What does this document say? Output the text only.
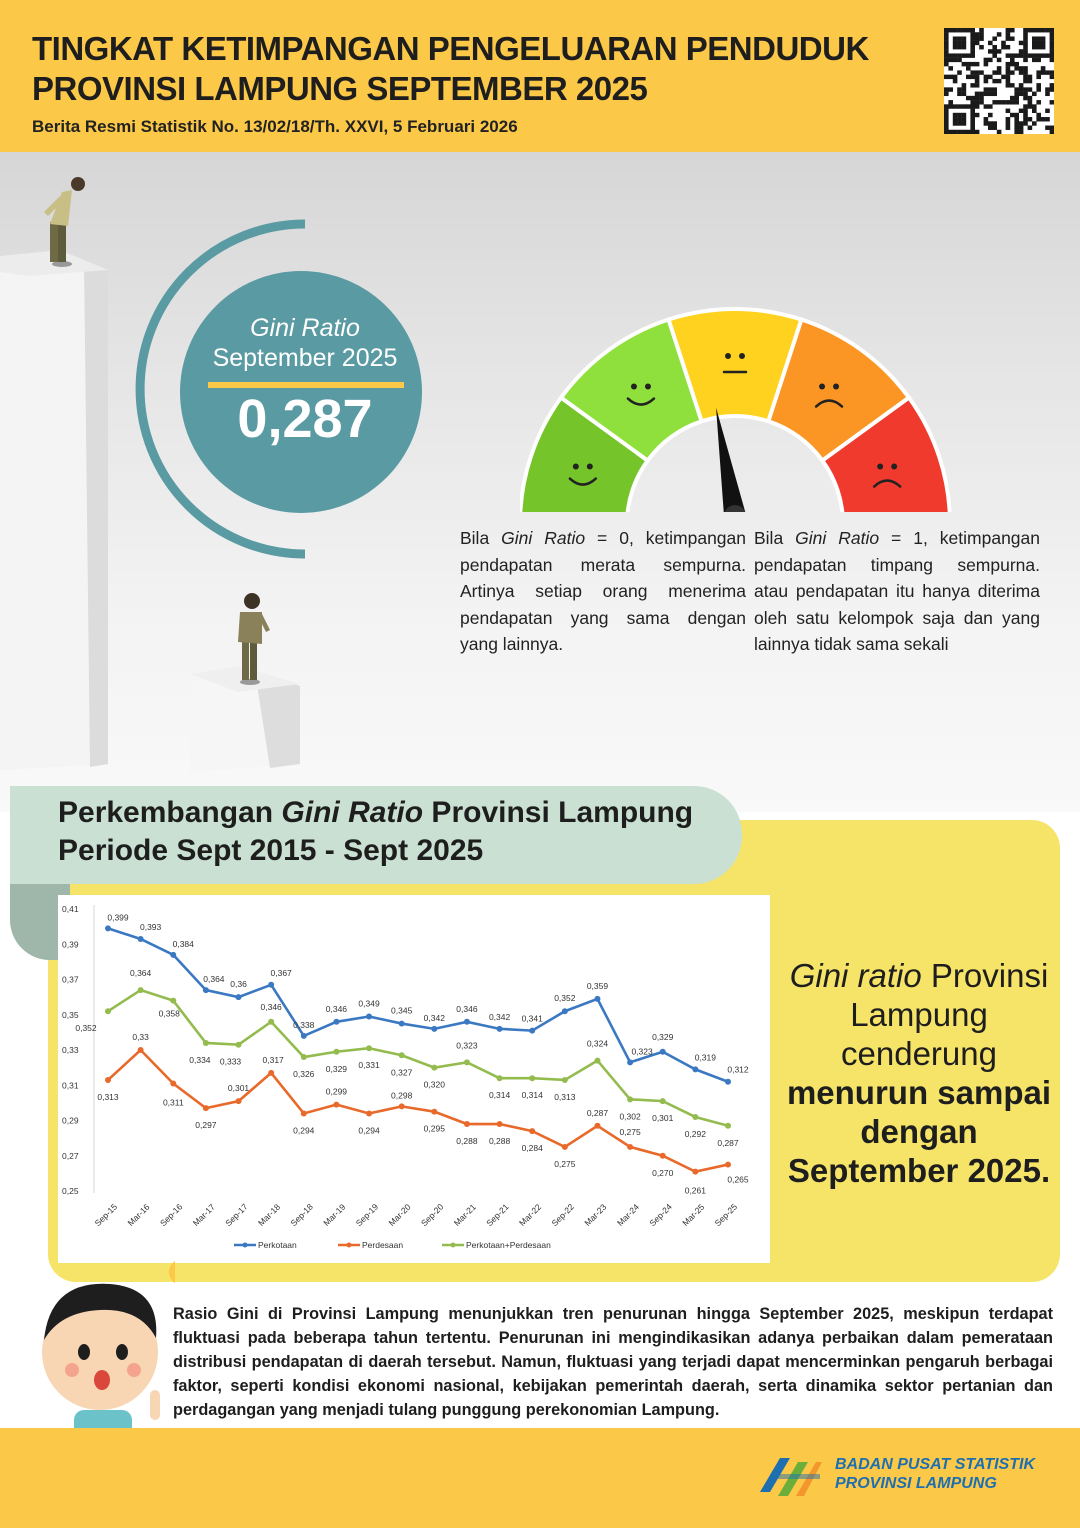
TINGKAT KETIMPANGAN PENGELUARAN PENDUDUK
PROVINSI LAMPUNG SEPTEMBER 2025
Berita Resmi Statistik No. 13/02/18/Th. XXVI, 5 Februari 2026
Gini Ratio
September 2025
0,287

Bila Gini Ratio = 0, ketimpangan pendapatan merata sempurna. Artinya setiap orang menerima pendapatan yang sama dengan yang lainnya.

Bila Gini Ratio = 1, ketimpangan pendapatan timpang sempurna. atau pendapatan itu hanya diterima oleh satu kelompok saja dan yang lainnya tidak sama sekali

Perkembangan Gini Ratio Provinsi Lampung
Periode Sept 2015 - Sept 2025
0,25
0,27
0,29
0,31
0,33
0,35
0,37
0,39
0,41
Sep-15 Mar-16 Sep-16 Mar-17 Sep-17 Mar-18 Sep-18 Mar-19 Sep-19 Mar-20 Sep-20 Mar-21 Sep-21 Mar-22 Sep-22 Mar-23 Mar-24 Sep-24 Mar-25 Sep-25
0,399
0,393
0,384
0,364
0,36
0,367
0,338
0,346
0,349
0,345
0,342
0,346
0,342 0,341
0,352
0,359
0,323
0,329
0,319
0,312
0,313
0,33
0,311
0,297
0,301
0,317
0,294
0,299
0,294
0,298
0,295
0,288 0,288
0,284
0,275
0,287
0,275
0,270
0,261
0,265
0,352
0,364
0,358
0,334 0,333
0,346
0,326
0,329 0,331
0,327
0,320
0,323
0,314 0,314 0,313
0,324
0,302 0,301
0,292
0,287
Perkotaan	Perdesaan	Perkotaan+Perdesaan
Gini ratio Provinsi
Lampung
cenderung
menurun sampai
dengan
September 2025.
Rasio Gini di Provinsi Lampung menunjukkan tren penurunan hingga September 2025, meskipun terdapat fluktuasi pada beberapa tahun tertentu. Penurunan ini mengindikasikan adanya perbaikan dalam pemerataan distribusi pendapatan di daerah tersebut. Namun, fluktuasi yang terjadi dapat mencerminkan pengaruh berbagai faktor, seperti kondisi ekonomi nasional, kebijakan pemerintah daerah, serta dinamika sektor pertanian dan perdagangan yang menjadi tulang punggung perekonomian Lampung.
BADAN PUSAT STATISTIK
PROVINSI LAMPUNG
